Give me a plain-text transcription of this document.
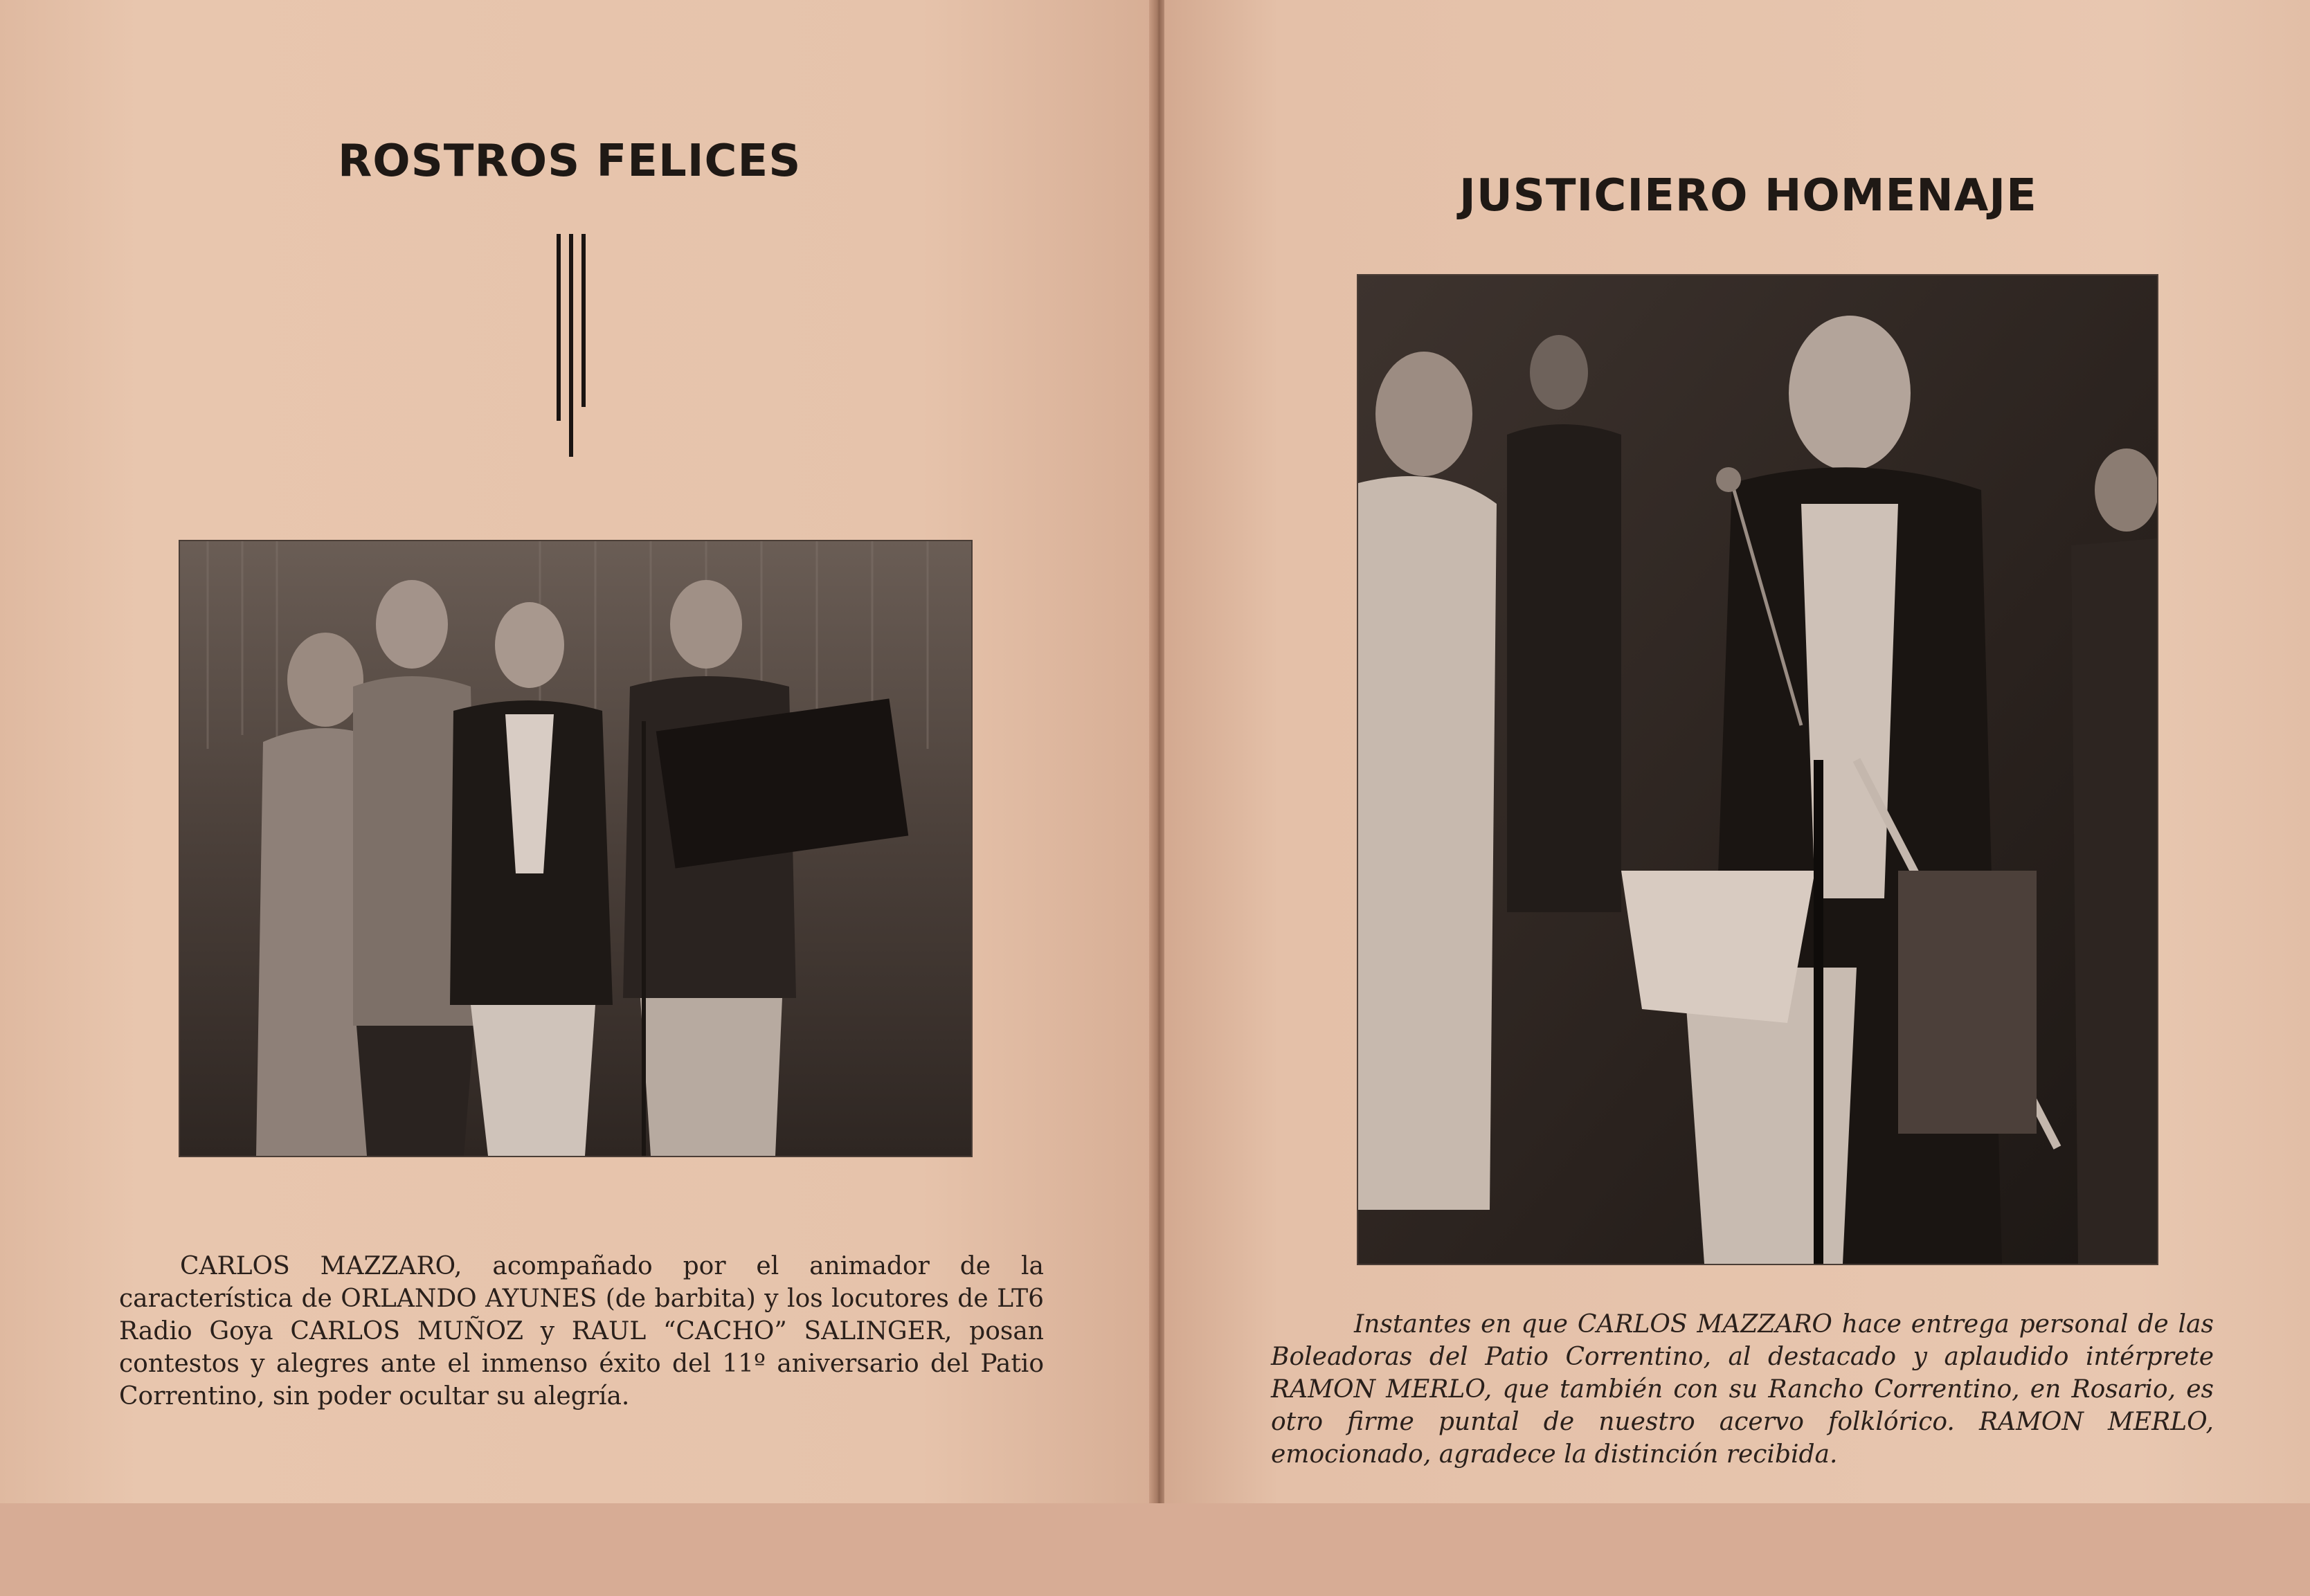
ROSTROS FELICES

CARLOS MAZZARO, acompañado por el animador de la característica de ORLANDO AYUNES (de barbita) y los locutores de LT6 Radio Goya CARLOS MUÑOZ y RAUL “CACHO” SALINGER, posan contestos y alegres ante el inmenso éxito del 11º aniversario del Patio Correntino, sin poder ocultar su alegría.

JUSTICIERO HOMENAJE

Instantes en que CARLOS MAZZARO hace entrega personal de las Boleadoras del Patio Correntino, al destacado y aplaudido intérprete RAMON MERLO, que también con su Rancho Correntino, en Rosario, es otro firme puntal de nuestro acervo folklórico. RAMON MERLO, emocionado, agradece la distinción recibida.
